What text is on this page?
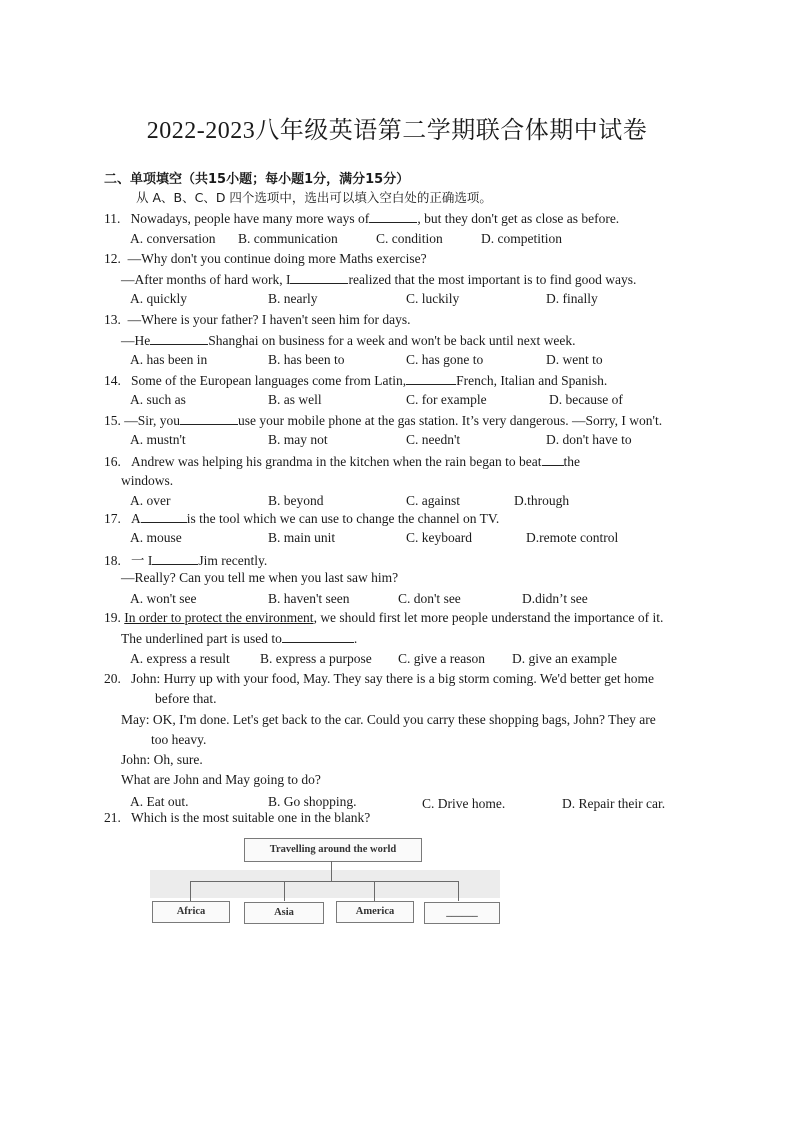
2022-2023八年级英语第二学期联合体期中试卷
二、单项填空（共15小题；每小题1分，满分15分）
从 A、B、C、D 四个选项中，选出可以填入空白处的正确选项。
11. Nowadays, people have many more ways of	, but they don't get as close as before.
A. conversation B. communication	C. condition	D. competition
12. —Why don't you continue doing more Maths exercise?
—After months of hard work, I	realized that the most important is to find good ways.
A. quickly	B. nearly	C. luckily	D. finally
13. —Where is your father? I haven't seen him for days.
—He	Shanghai on business for a week and won't be back until next week.
A. has been in	B. has been to	C. has gone to	D. went to
14. Some of the European languages come from Latin,	French, Italian and Spanish.
A. such as	B. as well	C. for example	D. because of
15. —Sir, you	use your mobile phone at the gas station. It’s very dangerous. —Sorry, I won't.
A. mustn't	B. may not	C. needn't	D. don't have to
16. Andrew was helping his grandma in the kitchen when the rain began to beat the
windows.
A. over	B. beyond	C. against	D.through
17. A	is the tool which we can use to change the channel on TV.
A. mouse	B. main unit	C. keyboard	D.remote control
18. 一 I	Jim recently.
—Really? Can you tell me when you last saw him?
A. won't see	B. haven't seen	C. don't see	D.didn’t see
19. In order to protect the environment, we should first let more people understand the importance of it.
The underlined part is used to	.
A. express a result B. express a purpose C. give a reason D. give an example
20. John: Hurry up with your food, May. They say there is a big storm coming. We'd better get home
before that.
May: OK, I'm done. Let's get back to the car. Could you carry these shopping bags, John? They are
too heavy.
John: Oh, sure.
What are John and May going to do?
A. Eat out.	B. Go shopping.	C. Drive home.	D. Repair their car.
21. Which is the most suitable one in the blank?
Travelling around the world
Africa	Asia	America	______
